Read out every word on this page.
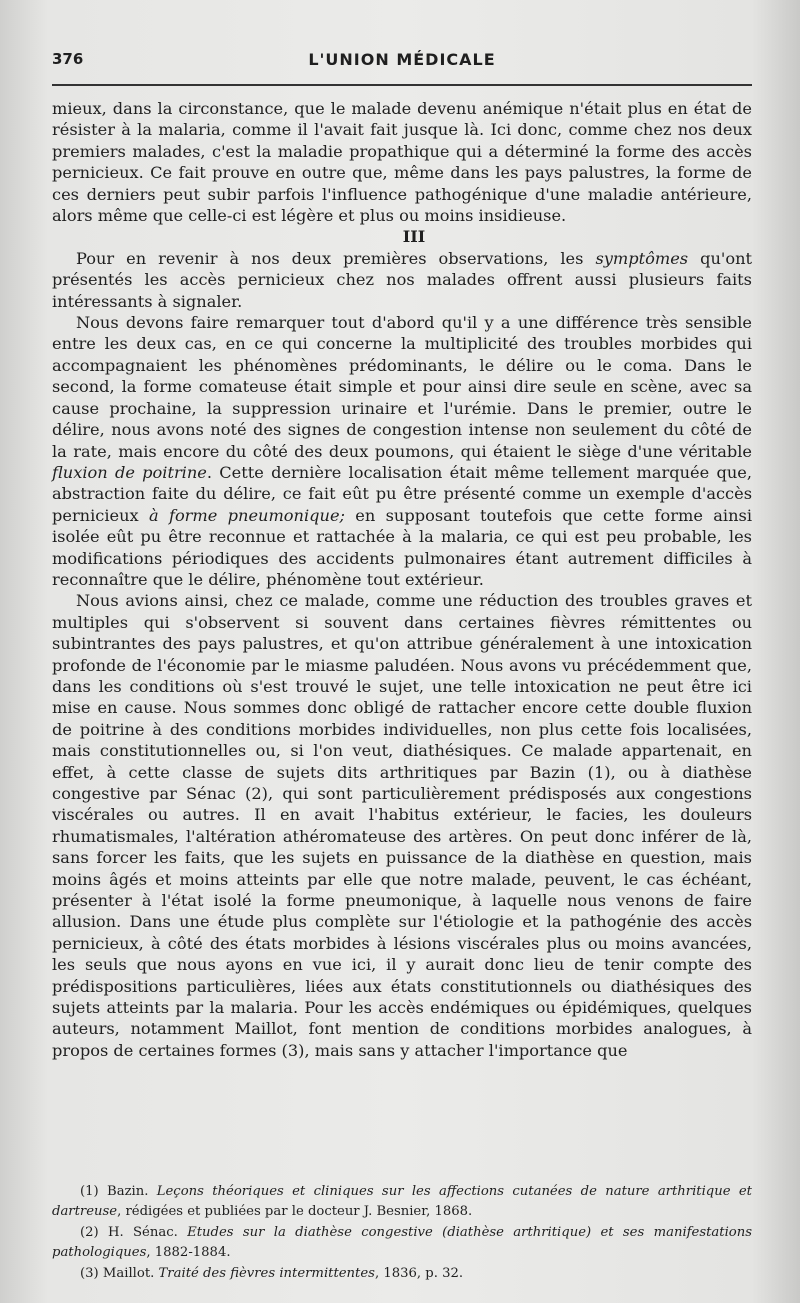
376	L'UNION MÉDICALE

mieux, dans la circonstance, que le malade devenu anémique n'était plus en état de résister à la malaria, comme il l'avait fait jusque là. Ici donc, comme chez nos deux premiers malades, c'est la maladie propathique qui a déterminé la forme des accès pernicieux. Ce fait prouve en outre que, même dans les pays palustres, la forme de ces derniers peut subir parfois l'influence pathogénique d'une maladie antérieure, alors même que celle-ci est légère et plus ou moins insidieuse.

III

Pour en revenir à nos deux premières observations, les symptômes qu'ont présentés les accès pernicieux chez nos malades offrent aussi plusieurs faits intéressants à signaler.

Nous devons faire remarquer tout d'abord qu'il y a une différence très sensible entre les deux cas, en ce qui concerne la multiplicité des troubles morbides qui accompagnaient les phénomènes prédominants, le délire ou le coma. Dans le second, la forme comateuse était simple et pour ainsi dire seule en scène, avec sa cause prochaine, la suppression urinaire et l'urémie. Dans le premier, outre le délire, nous avons noté des signes de congestion intense non seulement du côté de la rate, mais encore du côté des deux poumons, qui étaient le siège d'une véritable fluxion de poitrine. Cette dernière localisation était même tellement marquée que, abstraction faite du délire, ce fait eût pu être présenté comme un exemple d'accès pernicieux à forme pneumonique; en supposant toutefois que cette forme ainsi isolée eût pu être reconnue et rattachée à la malaria, ce qui est peu probable, les modifications périodiques des accidents pulmonaires étant autrement difficiles à reconnaître que le délire, phénomène tout extérieur.

Nous avions ainsi, chez ce malade, comme une réduction des troubles graves et multiples qui s'observent si souvent dans certaines fièvres rémittentes ou subintrantes des pays palustres, et qu'on attribue généralement à une intoxication profonde de l'économie par le miasme paludéen. Nous avons vu précédemment que, dans les conditions où s'est trouvé le sujet, une telle intoxication ne peut être ici mise en cause. Nous sommes donc obligé de rattacher encore cette double fluxion de poitrine à des conditions morbides individuelles, non plus cette fois localisées, mais constitutionnelles ou, si l'on veut, diathésiques. Ce malade appartenait, en effet, à cette classe de sujets dits arthritiques par Bazin (1), ou à diathèse congestive par Sénac (2), qui sont particulièrement prédisposés aux congestions viscérales ou autres. Il en avait l'habitus extérieur, le facies, les douleurs rhumatismales, l'altération athéromateuse des artères. On peut donc inférer de là, sans forcer les faits, que les sujets en puissance de la diathèse en question, mais moins âgés et moins atteints par elle que notre malade, peuvent, le cas échéant, présenter à l'état isolé la forme pneumonique, à laquelle nous venons de faire allusion. Dans une étude plus complète sur l'étiologie et la pathogénie des accès pernicieux, à côté des états morbides à lésions viscérales plus ou moins avancées, les seuls que nous ayons en vue ici, il y aurait donc lieu de tenir compte des prédispositions particulières, liées aux états constitutionnels ou diathésiques des sujets atteints par la malaria. Pour les accès endémiques ou épidémiques, quelques auteurs, notamment Maillot, font mention de conditions morbides analogues, à propos de certaines formes (3), mais sans y attacher l'importance que

(1) Bazin. Leçons théoriques et cliniques sur les affections cutanées de nature arthritique et dartreuse, rédigées et publiées par le docteur J. Besnier, 1868.

(2) H. Sénac. Etudes sur la diathèse congestive (diathèse arthritique) et ses manifestations pathologiques, 1882-1884.

(3) Maillot. Traité des fièvres intermittentes, 1836, p. 32.
